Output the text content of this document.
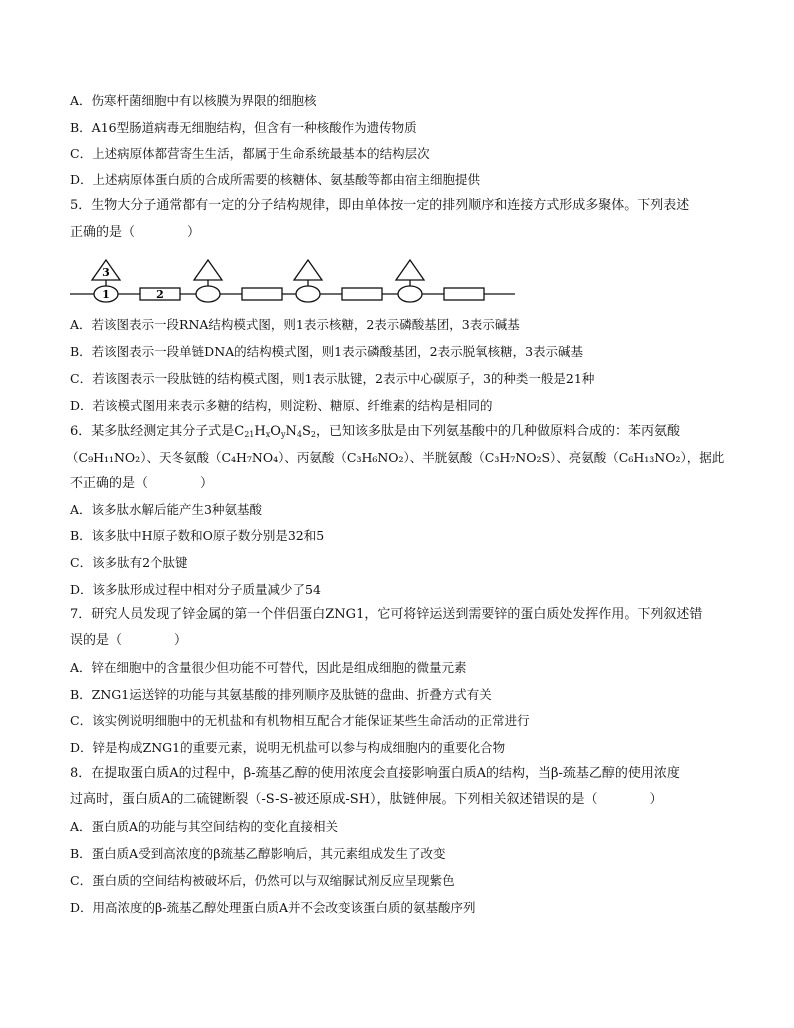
A．伤寒杆菌细胞中有以核膜为界限的细胞核
B．A16型肠道病毒无细胞结构，但含有一种核酸作为遗传物质
C．上述病原体都营寄生生活，都属于生命系统最基本的结构层次
D．上述病原体蛋白质的合成所需要的核糖体、氨基酸等都由宿主细胞提供
5．生物大分子通常都有一定的分子结构规律，即由单体按一定的排列顺序和连接方式形成多聚体。下列表述
正确的是（　　　　）
3
1	2
A．若该图表示一段RNA结构模式图，则1表示核糖，2表示磷酸基团，3表示碱基
B．若该图表示一段单链DNA的结构模式图，则1表示磷酸基团，2表示脱氧核糖，3表示碱基
C．若该图表示一段肽链的结构模式图，则1表示肽键，2表示中心碳原子，3的种类一般是21种
D．若该模式图用来表示多糖的结构，则淀粉、糖原、纤维素的结构是相同的
6．某多肽经测定其分子式是$C_{21}H_xO_yN_4S_2$，已知该多肽是由下列氨基酸中的几种做原料合成的：苯丙氨酸
（C₉H₁₁NO₂）、天冬氨酸（C₄H₇NO₄）、丙氨酸（C₃H₆NO₂）、半胱氨酸（C₃H₇NO₂S）、亮氨酸（C₆H₁₃NO₂），据此
不正确的是（　　　　）
A．该多肽水解后能产生3种氨基酸
B．该多肽中H原子数和O原子数分别是32和5
C．该多肽有2个肽键
D．该多肽形成过程中相对分子质量减少了54
7．研究人员发现了锌金属的第一个伴侣蛋白ZNG1，它可将锌运送到需要锌的蛋白质处发挥作用。下列叙述错
误的是（　　　　）
A．锌在细胞中的含量很少但功能不可替代，因此是组成细胞的微量元素
B．ZNG1运送锌的功能与其氨基酸的排列顺序及肽链的盘曲、折叠方式有关
C．该实例说明细胞中的无机盐和有机物相互配合才能保证某些生命活动的正常进行
D．锌是构成ZNG1的重要元素，说明无机盐可以参与构成细胞内的重要化合物
8．在提取蛋白质A的过程中，β-巯基乙醇的使用浓度会直接影响蛋白质A的结构，当β-巯基乙醇的使用浓度
过高时，蛋白质A的二硫键断裂（-S-S-被还原成-SH），肽链伸展。下列相关叙述错误的是（　　　　）
A．蛋白质A的功能与其空间结构的变化直接相关
B．蛋白质A受到高浓度的β巯基乙醇影响后，其元素组成发生了改变
C．蛋白质的空间结构被破坏后，仍然可以与双缩脲试剂反应呈现紫色
D．用高浓度的β-巯基乙醇处理蛋白质A并不会改变该蛋白质的氨基酸序列
